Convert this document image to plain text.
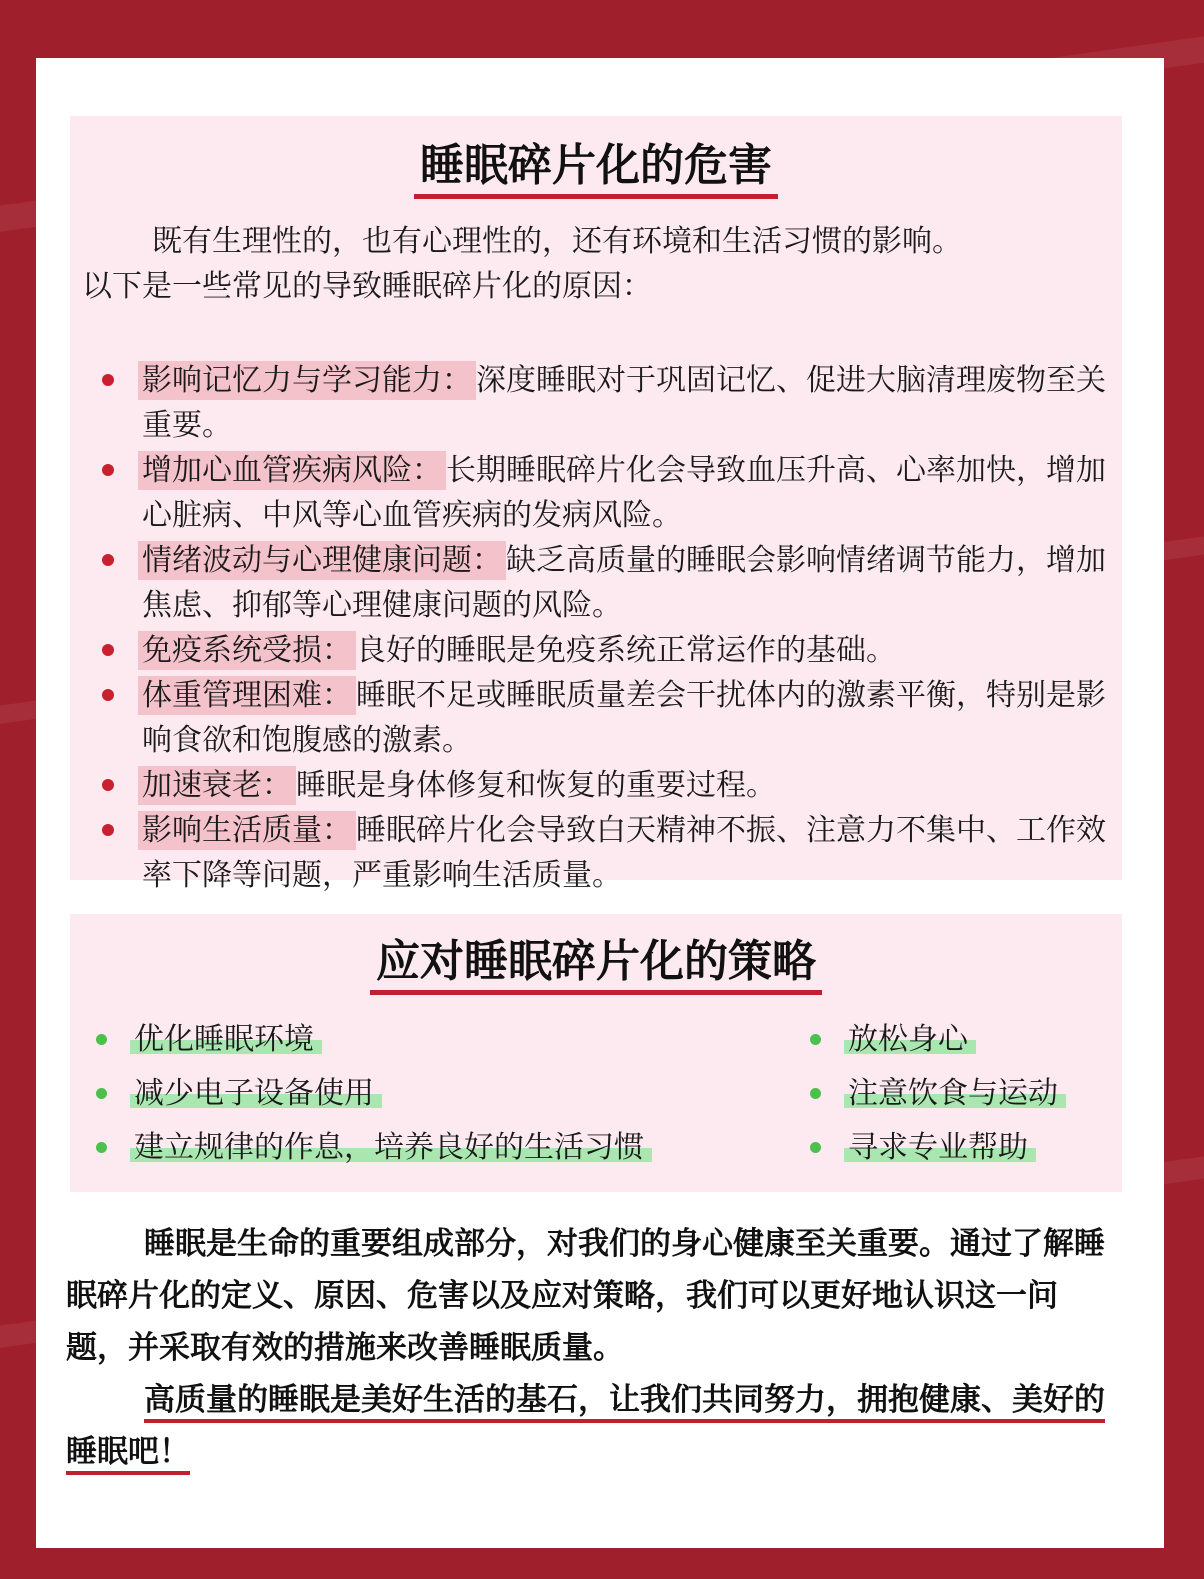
睡眠碎片化的危害
既有生理性的，也有心理性的，还有环境和生活习惯的影响。
以下是一些常见的导致睡眠碎片化的原因：
影响记忆力与学习能力： 深度睡眠对于巩固记忆、促进大脑清理废物至关重要。
增加心血管疾病风险： 长期睡眠碎片化会导致血压升高、心率加快，增加心脏病、中风等心血管疾病的发病风险。
情绪波动与心理健康问题： 缺乏高质量的睡眠会影响情绪调节能力，增加焦虑、抑郁等心理健康问题的风险。
免疫系统受损： 良好的睡眠是免疫系统正常运作的基础。
体重管理困难： 睡眠不足或睡眠质量差会干扰体内的激素平衡，特别是影响食欲和饱腹感的激素。
加速衰老： 睡眠是身体修复和恢复的重要过程。
影响生活质量： 睡眠碎片化会导致白天精神不振、注意力不集中、工作效率下降等问题，严重影响生活质量。
应对睡眠碎片化的策略
优化睡眠环境
减少电子设备使用
建立规律的作息，培养良好的生活习惯
放松身心
注意饮食与运动
寻求专业帮助
睡眠是生命的重要组成部分，对我们的身心健康至关重要。通过了解睡眠碎片化的定义、原因、危害以及应对策略，我们可以更好地认识这一问题，并采取有效的措施来改善睡眠质量。
高质量的睡眠是美好生活的基石，让我们共同努力，拥抱健康、美好的睡眠吧！
